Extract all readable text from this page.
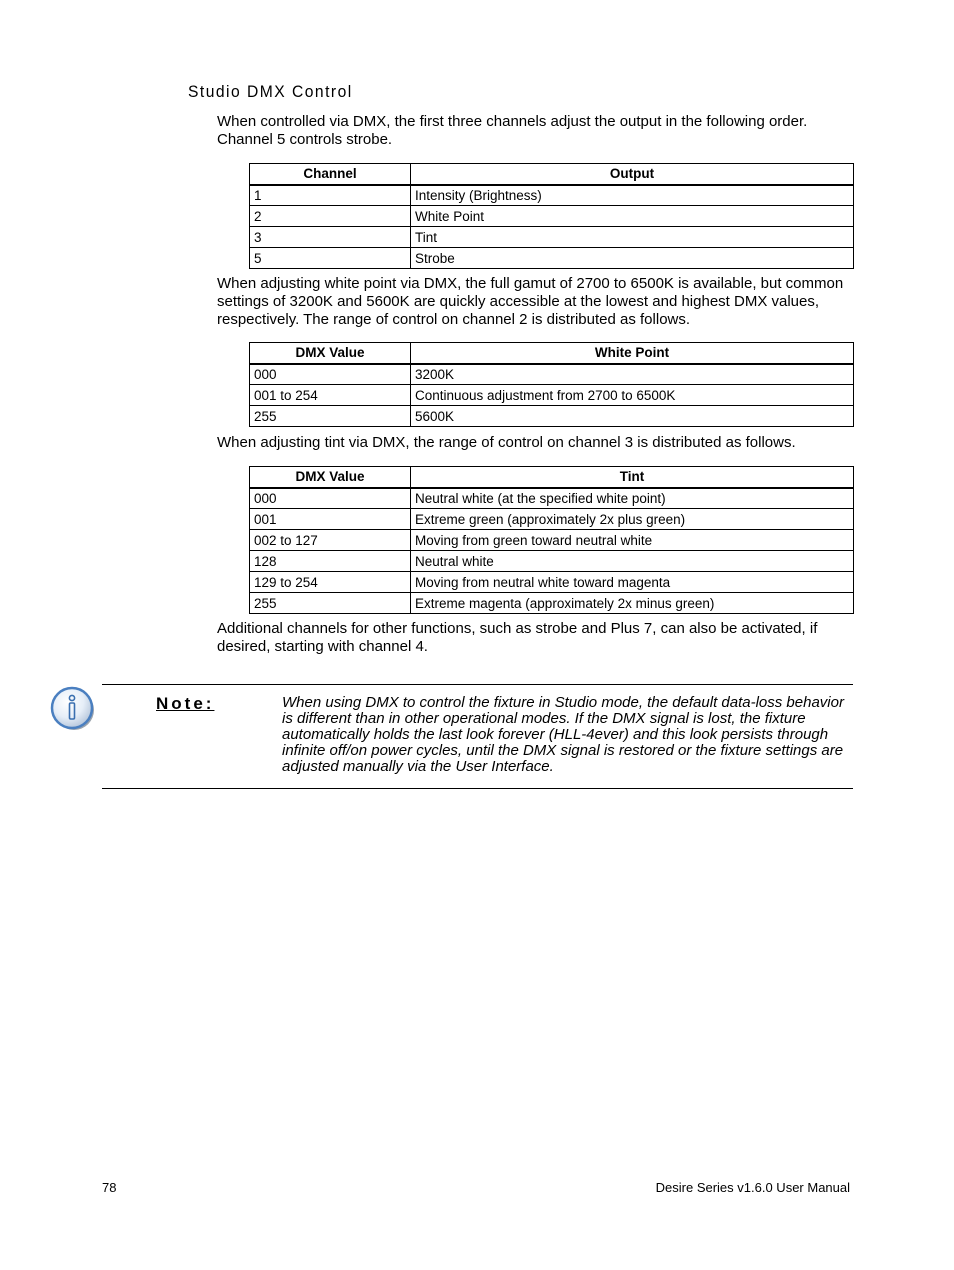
Studio DMX Control

When controlled via DMX, the first three channels adjust the output in the following order. Channel 5 controls strobe.

Channel	Output
1	Intensity (Brightness)
2	White Point
3	Tint
5	Strobe

When adjusting white point via DMX, the full gamut of 2700 to 6500K is available, but common settings of 3200K and 5600K are quickly accessible at the lowest and highest DMX values, respectively. The range of control on channel 2 is distributed as follows.

DMX Value	White Point
000	3200K
001 to 254	Continuous adjustment from 2700 to 6500K
255	5600K

When adjusting tint via DMX, the range of control on channel 3 is distributed as follows.

DMX Value	Tint
000	Neutral white (at the specified white point)
001	Extreme green (approximately 2x plus green)
002 to 127	Moving from green toward neutral white
128	Neutral white
129 to 254	Moving from neutral white toward magenta
255	Extreme magenta (approximately 2x minus green)

Additional channels for other functions, such as strobe and Plus 7, can also be activated, if desired, starting with channel 4.

Note:	When using DMX to control the fixture in Studio mode, the default data-loss behavior is different than in other operational modes. If the DMX signal is lost, the fixture automatically holds the last look forever (HLL-4ever) and this look persists through infinite off/on power cycles, until the DMX signal is restored or the fixture settings are adjusted manually via the User Interface.

78	Desire Series v1.6.0 User Manual
